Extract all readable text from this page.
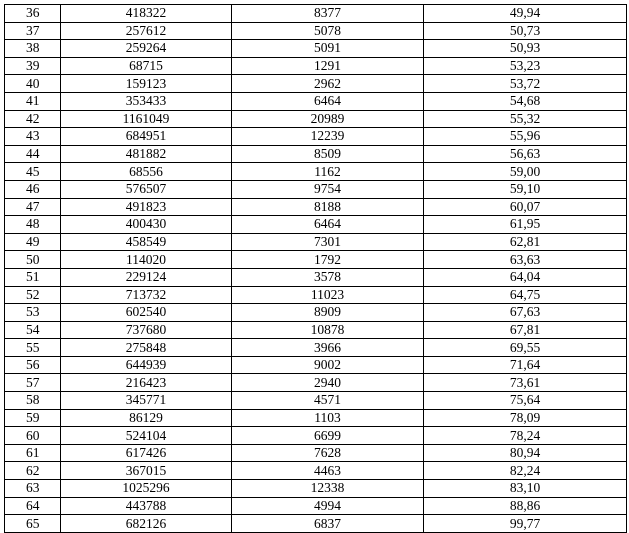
36	418322	8377	49,94
37	257612	5078	50,73
38	259264	5091	50,93
39	68715	1291	53,23
40	159123	2962	53,72
41	353433	6464	54,68
42	1161049	20989	55,32
43	684951	12239	55,96
44	481882	8509	56,63
45	68556	1162	59,00
46	576507	9754	59,10
47	491823	8188	60,07
48	400430	6464	61,95
49	458549	7301	62,81
50	114020	1792	63,63
51	229124	3578	64,04
52	713732	11023	64,75
53	602540	8909	67,63
54	737680	10878	67,81
55	275848	3966	69,55
56	644939	9002	71,64
57	216423	2940	73,61
58	345771	4571	75,64
59	86129	1103	78,09
60	524104	6699	78,24
61	617426	7628	80,94
62	367015	4463	82,24
63	1025296	12338	83,10
64	443788	4994	88,86
65	682126	6837	99,77
